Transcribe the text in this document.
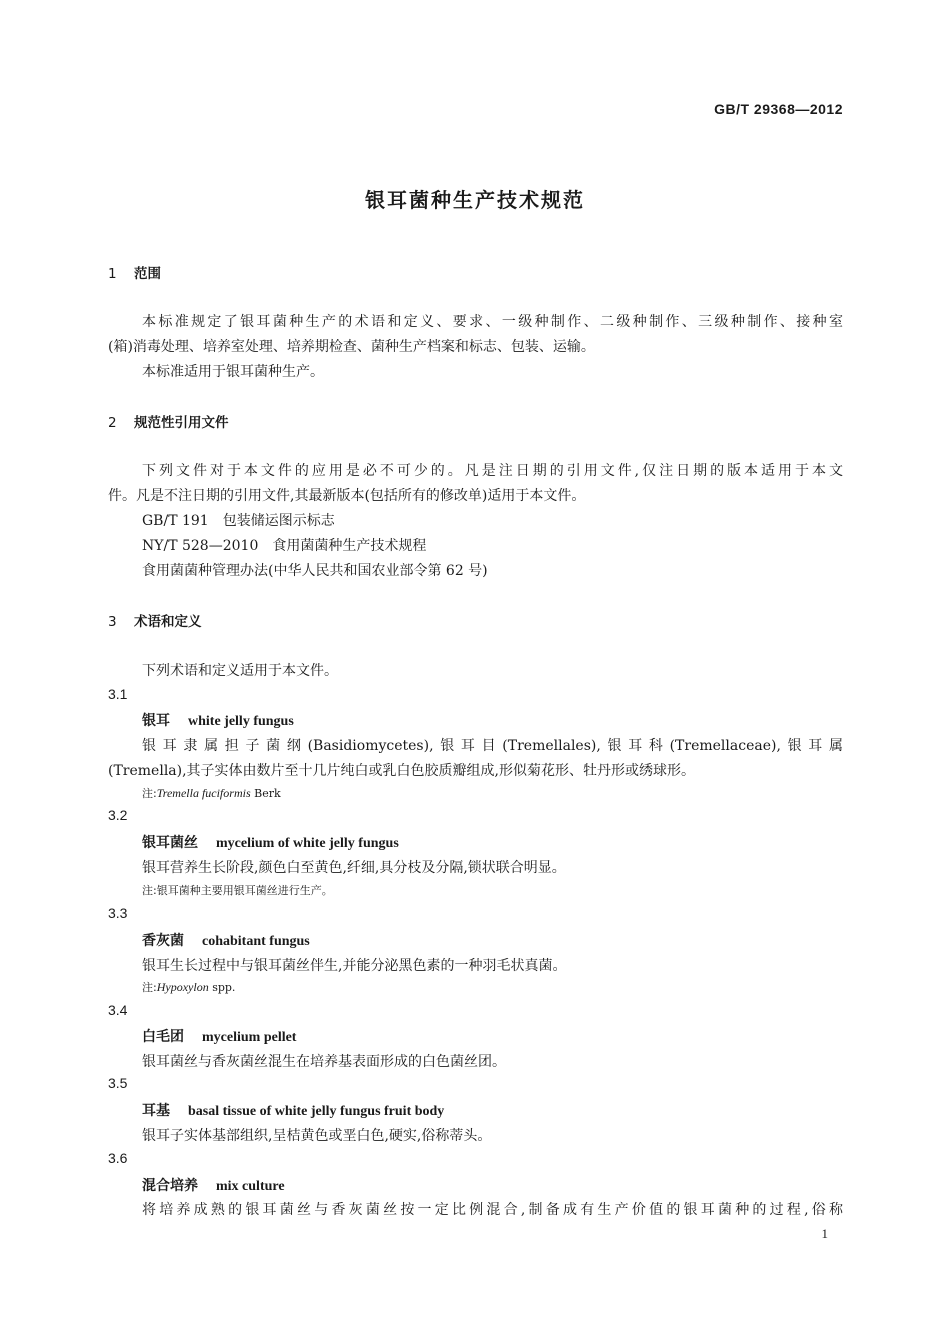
GB/T 29368—2012
银耳菌种生产技术规范
1 范围
本标准规定了银耳菌种生产的术语和定义、要求、一级种制作、二级种制作、三级种制作、接种室
(箱)消毒处理、培养室处理、培养期检查、菌种生产档案和标志、包装、运输。
本标准适用于银耳菌种生产。
2 规范性引用文件
下列文件对于本文件的应用是必不可少的。凡是注日期的引用文件,仅注日期的版本适用于本文
件。凡是不注日期的引用文件,其最新版本(包括所有的修改单)适用于本文件。
GB/T 191　包装储运图示标志
NY/T 528—2010　食用菌菌种生产技术规程
食用菌菌种管理办法(中华人民共和国农业部令第 62 号)
3 术语和定义
下列术语和定义适用于本文件。
3.1
银耳 white jelly fungus
银耳隶属担子菌纲(Basidiomycetes),银耳目(Tremellales),银耳科(Tremellaceae),银耳属
(Tremella),其子实体由数片至十几片纯白或乳白色胶质瓣组成,形似菊花形、牡丹形或绣球形。
注:Tremella fuciformis Berk
3.2
银耳菌丝 mycelium of white jelly fungus
银耳营养生长阶段,颜色白至黄色,纤细,具分枝及分隔,锁状联合明显。
注:银耳菌种主要用银耳菌丝进行生产。
3.3
香灰菌 cohabitant fungus
银耳生长过程中与银耳菌丝伴生,并能分泌黑色素的一种羽毛状真菌。
注:Hypoxylon spp.
3.4
白毛团 mycelium pellet
银耳菌丝与香灰菌丝混生在培养基表面形成的白色菌丝团。
3.5
耳基 basal tissue of white jelly fungus fruit body
银耳子实体基部组织,呈桔黄色或垩白色,硬实,俗称蒂头。
3.6
混合培养 mix culture
将培养成熟的银耳菌丝与香灰菌丝按一定比例混合,制备成有生产价值的银耳菌种的过程,俗称
1
